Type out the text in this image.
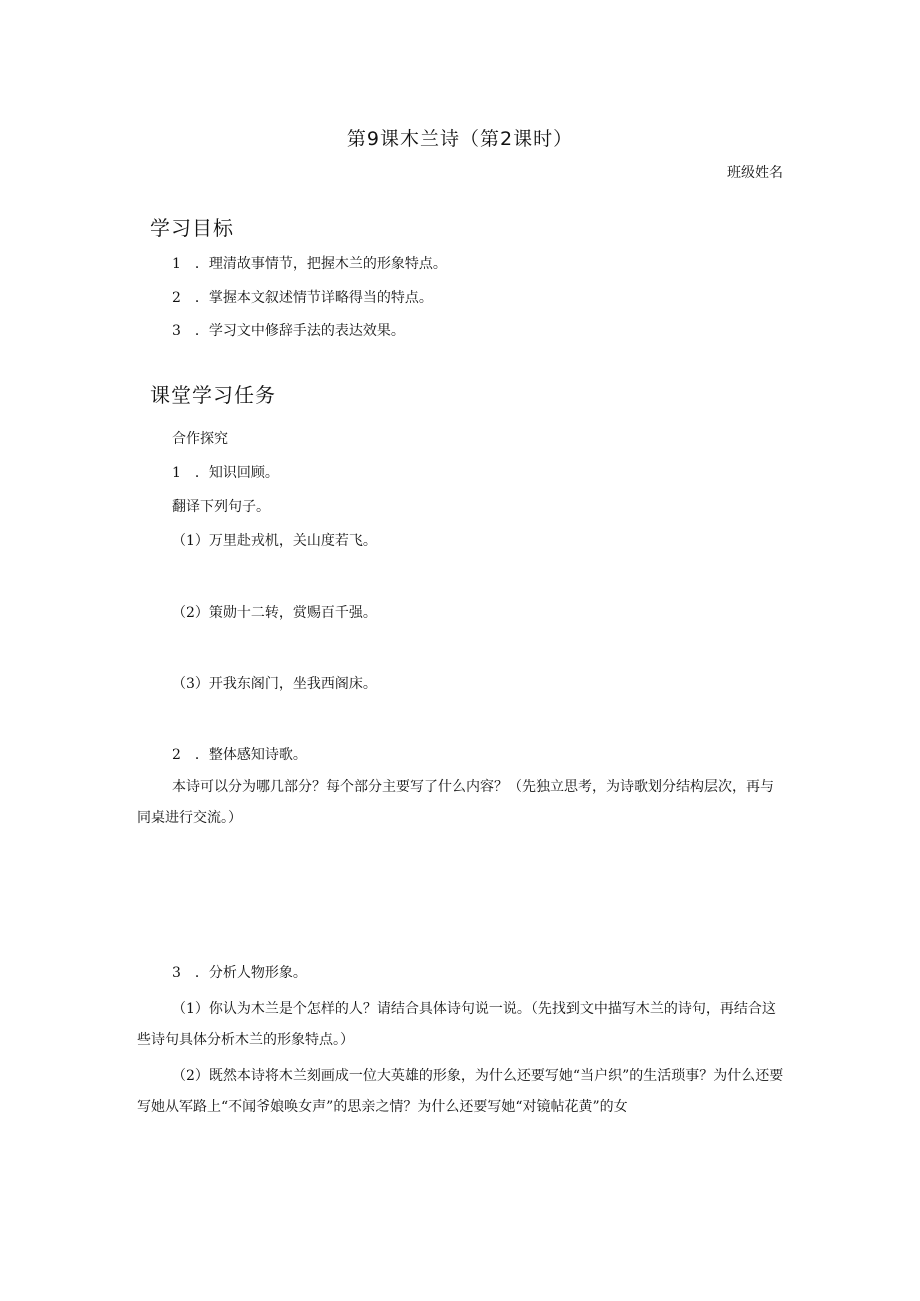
第9课木兰诗（第2课时）
班级姓名
学习目标
1　．理清故事情节，把握木兰的形象特点。
2　．掌握本文叙述情节详略得当的特点。
3　．学习文中修辞手法的表达效果。
课堂学习任务
合作探究
1　．知识回顾。
翻译下列句子。
（1）万里赴戎机，关山度若飞。
（2）策勋十二转，赏赐百千强。
（3）开我东阁门，坐我西阁床。
2　．整体感知诗歌。
本诗可以分为哪几部分？每个部分主要写了什么内容？（先独立思考，为诗歌划分结构层次，再与同桌进行交流。）
3　．分析人物形象。
（1）你认为木兰是个怎样的人？请结合具体诗句说一说。（先找到文中描写木兰的诗句，再结合这些诗句具体分析木兰的形象特点。）
（2）既然本诗将木兰刻画成一位大英雄的形象，为什么还要写她“当户织”的生活琐事？为什么还要写她从军路上“不闻爷娘唤女声”的思亲之情？为什么还要写她“对镜帖花黄”的女
